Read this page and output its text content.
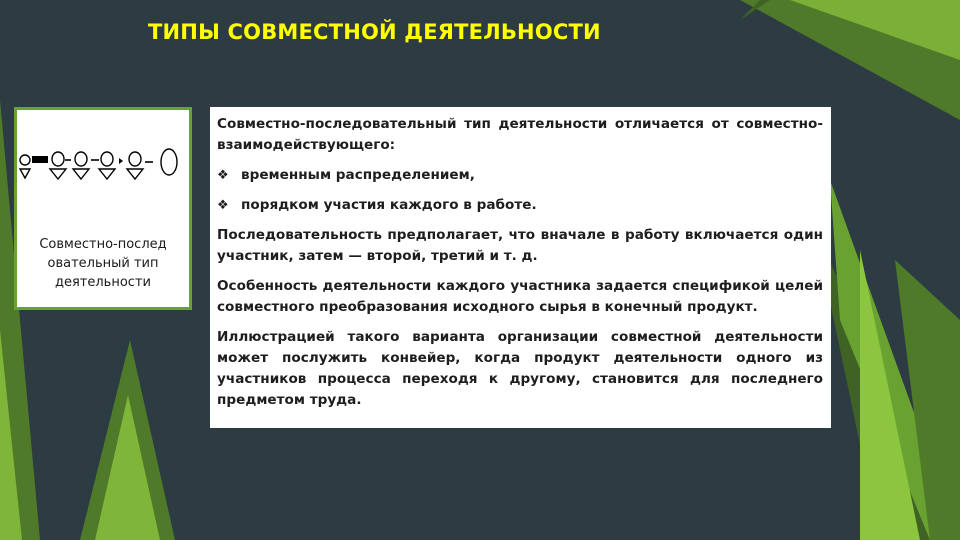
ТИПЫ СОВМЕСТНОЙ ДЕЯТЕЛЬНОСТИ
Совместно-послед
овательный тип
деятельности

Совместно-последовательный тип деятельности отличается от совместно-взаимодействующего:

❖ временным распределением,

❖ порядком участия каждого в работе.

Последовательность предполагает, что вначале в работу включается один участник, затем — второй, третий и т. д.

Особенность деятельности каждого участника задается спецификой целей совместного преобразования исходного сырья в конечный продукт.

Иллюстрацией такого варианта организации совместной деятельности может послужить конвейер, когда продукт деятельности одного из участников процесса переходя к другому, становится для последнего предметом труда.
